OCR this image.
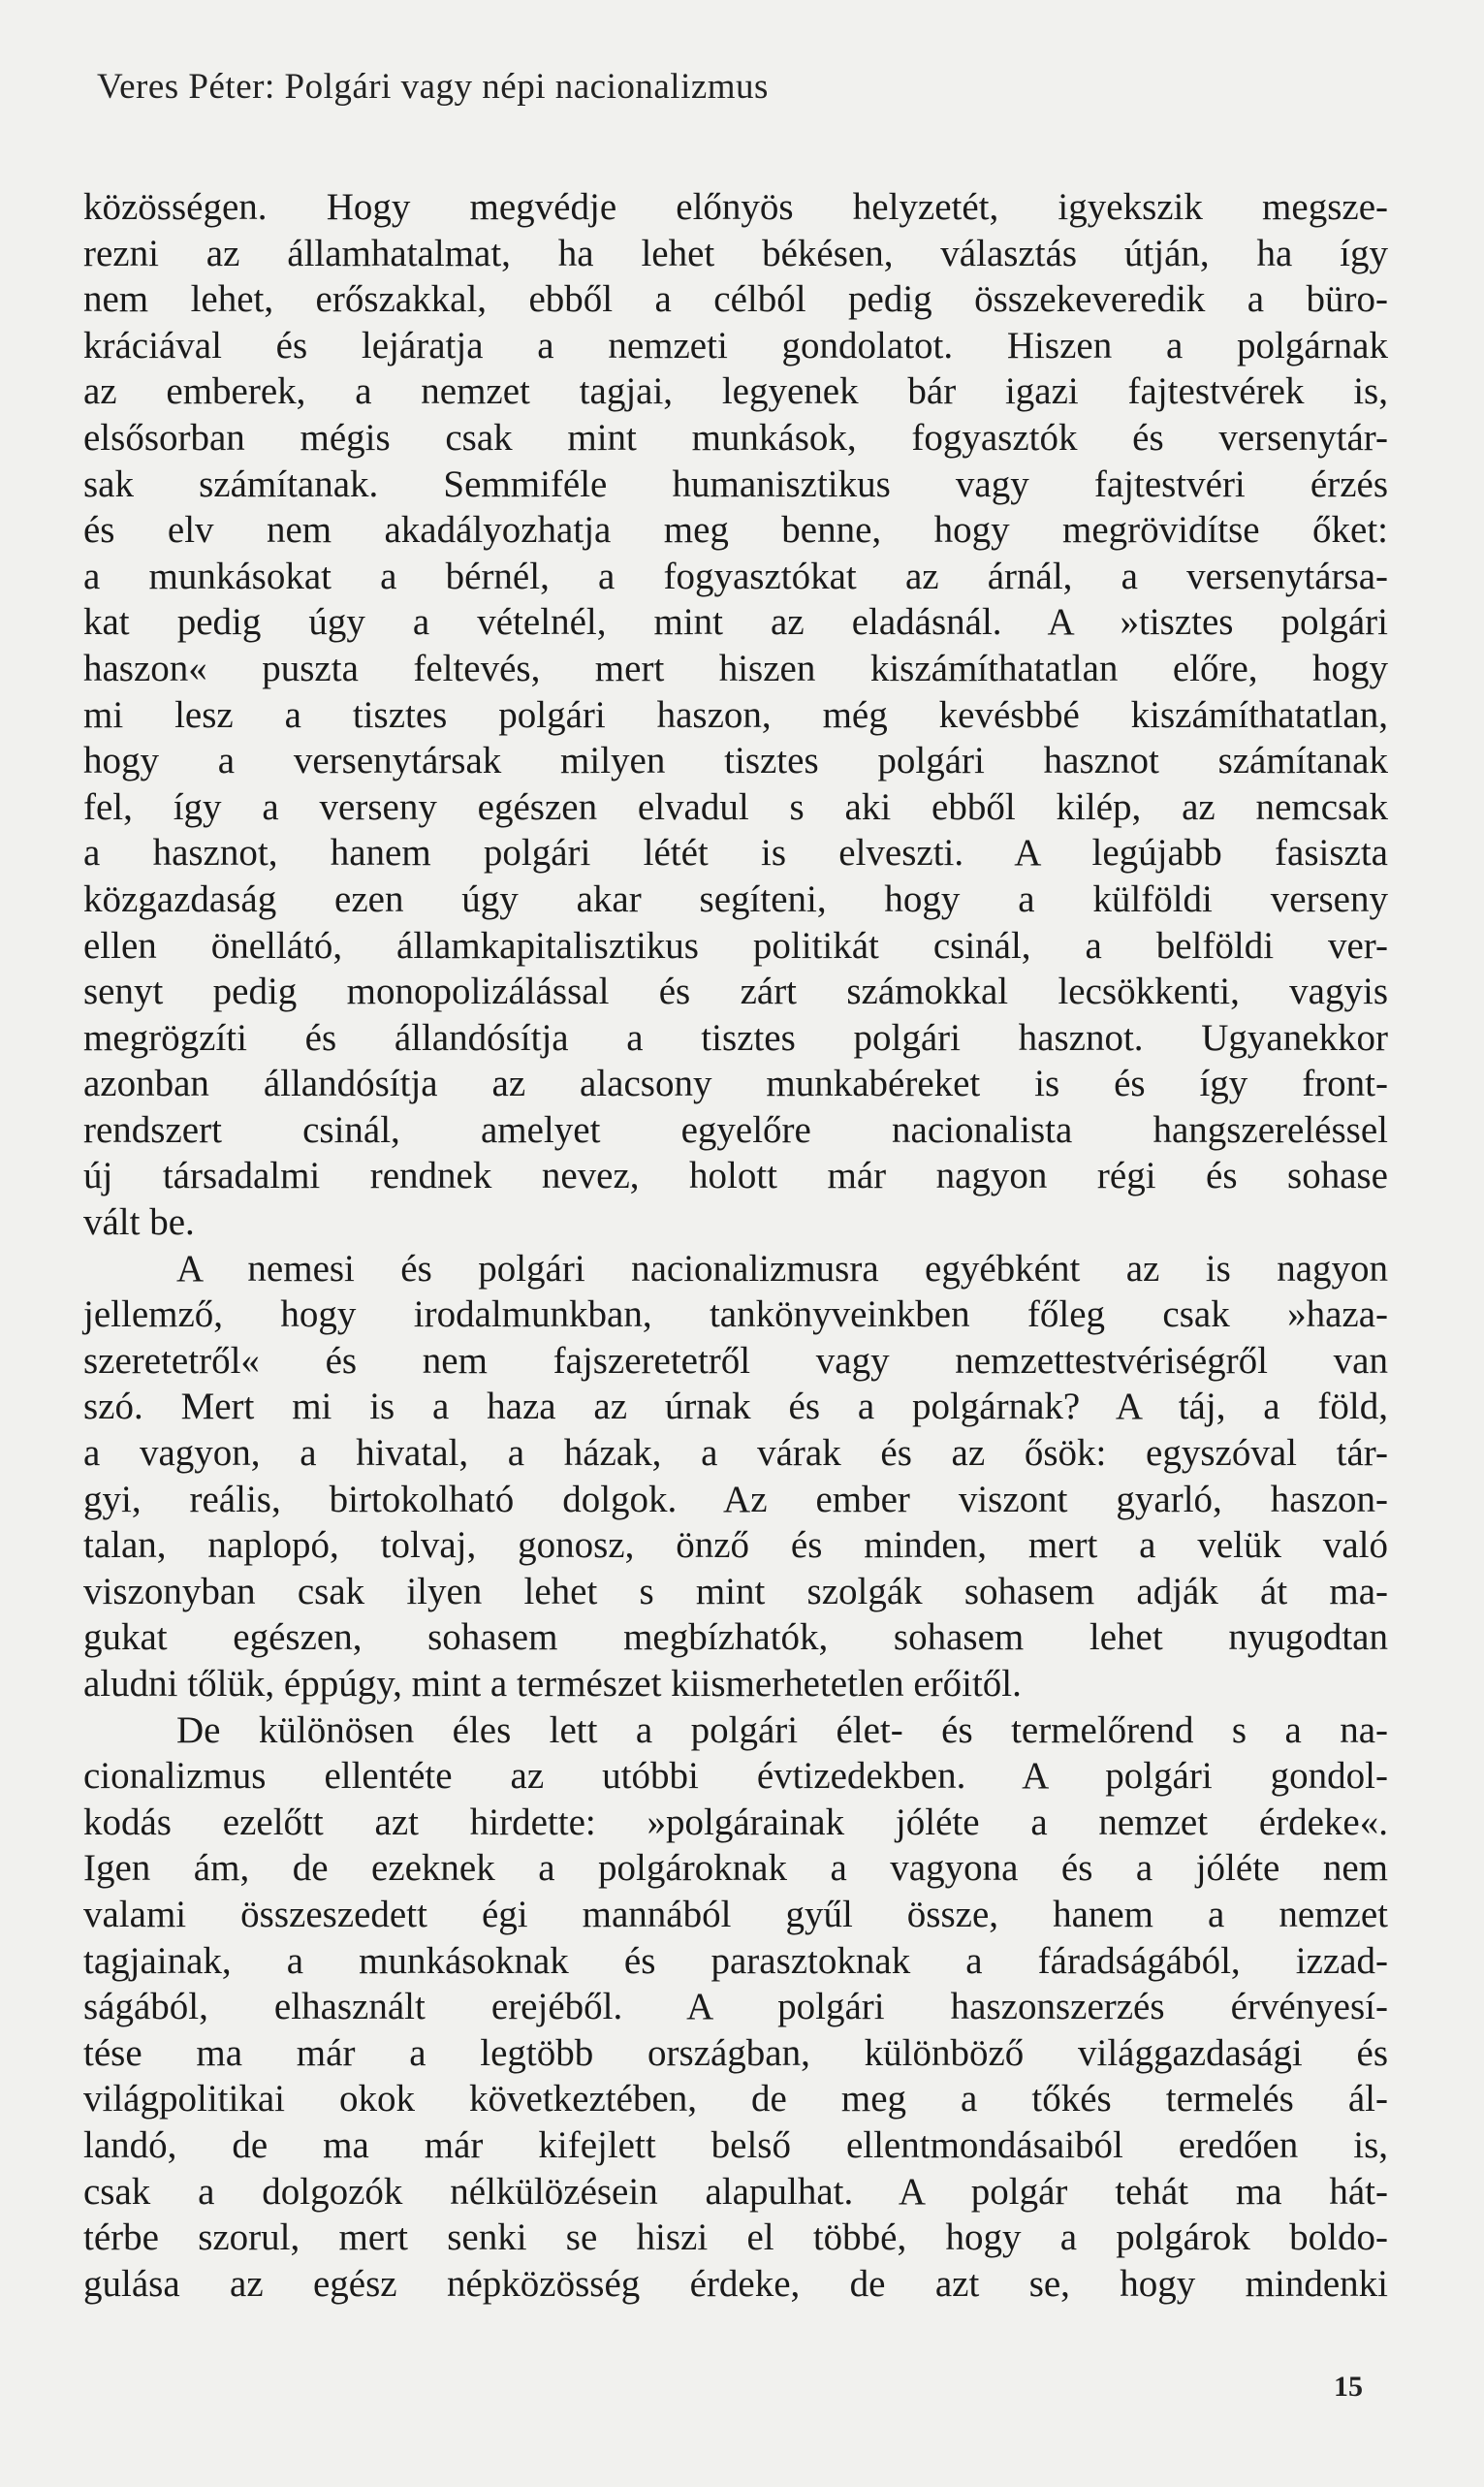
Veres Péter: Polgári vagy népi nacionalizmus
közösségen. Hogy megvédje előnyös helyzetét, igyekszik megsze-
rezni az államhatalmat, ha lehet békésen, választás útján, ha így
nem lehet, erőszakkal, ebből a célból pedig összekeveredik a büro-
kráciával és lejáratja a nemzeti gondolatot. Hiszen a polgárnak
az emberek, a nemzet tagjai, legyenek bár igazi fajtestvérek is,
elsősorban mégis csak mint munkások, fogyasztók és versenytár-
sak számítanak. Semmiféle humanisztikus vagy fajtestvéri érzés
és elv nem akadályozhatja meg benne, hogy megrövidítse őket:
a munkásokat a bérnél, a fogyasztókat az árnál, a versenytársa-
kat pedig úgy a vételnél, mint az eladásnál. A »tisztes polgári
haszon« puszta feltevés, mert hiszen kiszámíthatatlan előre, hogy
mi lesz a tisztes polgári haszon, még kevésbbé kiszámíthatatlan,
hogy a versenytársak milyen tisztes polgári hasznot számítanak
fel, így a verseny egészen elvadul s aki ebből kilép, az nemcsak
a hasznot, hanem polgári létét is elveszti. A legújabb fasiszta
közgazdaság ezen úgy akar segíteni, hogy a külföldi verseny
ellen önellátó, államkapitalisztikus politikát csinál, a belföldi ver-
senyt pedig monopolizálással és zárt számokkal lecsökkenti, vagyis
megrögzíti és állandósítja a tisztes polgári hasznot. Ugyanekkor
azonban állandósítja az alacsony munkabéreket is és így front-
rendszert csinál, amelyet egyelőre nacionalista hangszereléssel
új társadalmi rendnek nevez, holott már nagyon régi és sohase
vált be.
A nemesi és polgári nacionalizmusra egyébként az is nagyon
jellemző, hogy irodalmunkban, tankönyveinkben főleg csak »haza-
szeretetről« és nem fajszeretetről vagy nemzettestvériségről van
szó. Mert mi is a haza az úrnak és a polgárnak? A táj, a föld,
a vagyon, a hivatal, a házak, a várak és az ősök: egyszóval tár-
gyi, reális, birtokolható dolgok. Az ember viszont gyarló, haszon-
talan, naplopó, tolvaj, gonosz, önző és minden, mert a velük való
viszonyban csak ilyen lehet s mint szolgák sohasem adják át ma-
gukat egészen, sohasem megbízhatók, sohasem lehet nyugodtan
aludni tőlük, éppúgy, mint a természet kiismerhetetlen erőitől.
De különösen éles lett a polgári élet- és termelőrend s a na-
cionalizmus ellentéte az utóbbi évtizedekben. A polgári gondol-
kodás ezelőtt azt hirdette: »polgárainak jóléte a nemzet érdeke«.
Igen ám, de ezeknek a polgároknak a vagyona és a jóléte nem
valami összeszedett égi mannából gyűl össze, hanem a nemzet
tagjainak, a munkásoknak és parasztoknak a fáradságából, izzad-
ságából, elhasznált erejéből. A polgári haszonszerzés érvényesí-
tése ma már a legtöbb országban, különböző világgazdasági és
világpolitikai okok következtében, de meg a tőkés termelés ál-
landó, de ma már kifejlett belső ellentmondásaiból eredően is,
csak a dolgozók nélkülözésein alapulhat. A polgár tehát ma hát-
térbe szorul, mert senki se hiszi el többé, hogy a polgárok boldo-
gulása az egész népközösség érdeke, de azt se, hogy mindenki
15
